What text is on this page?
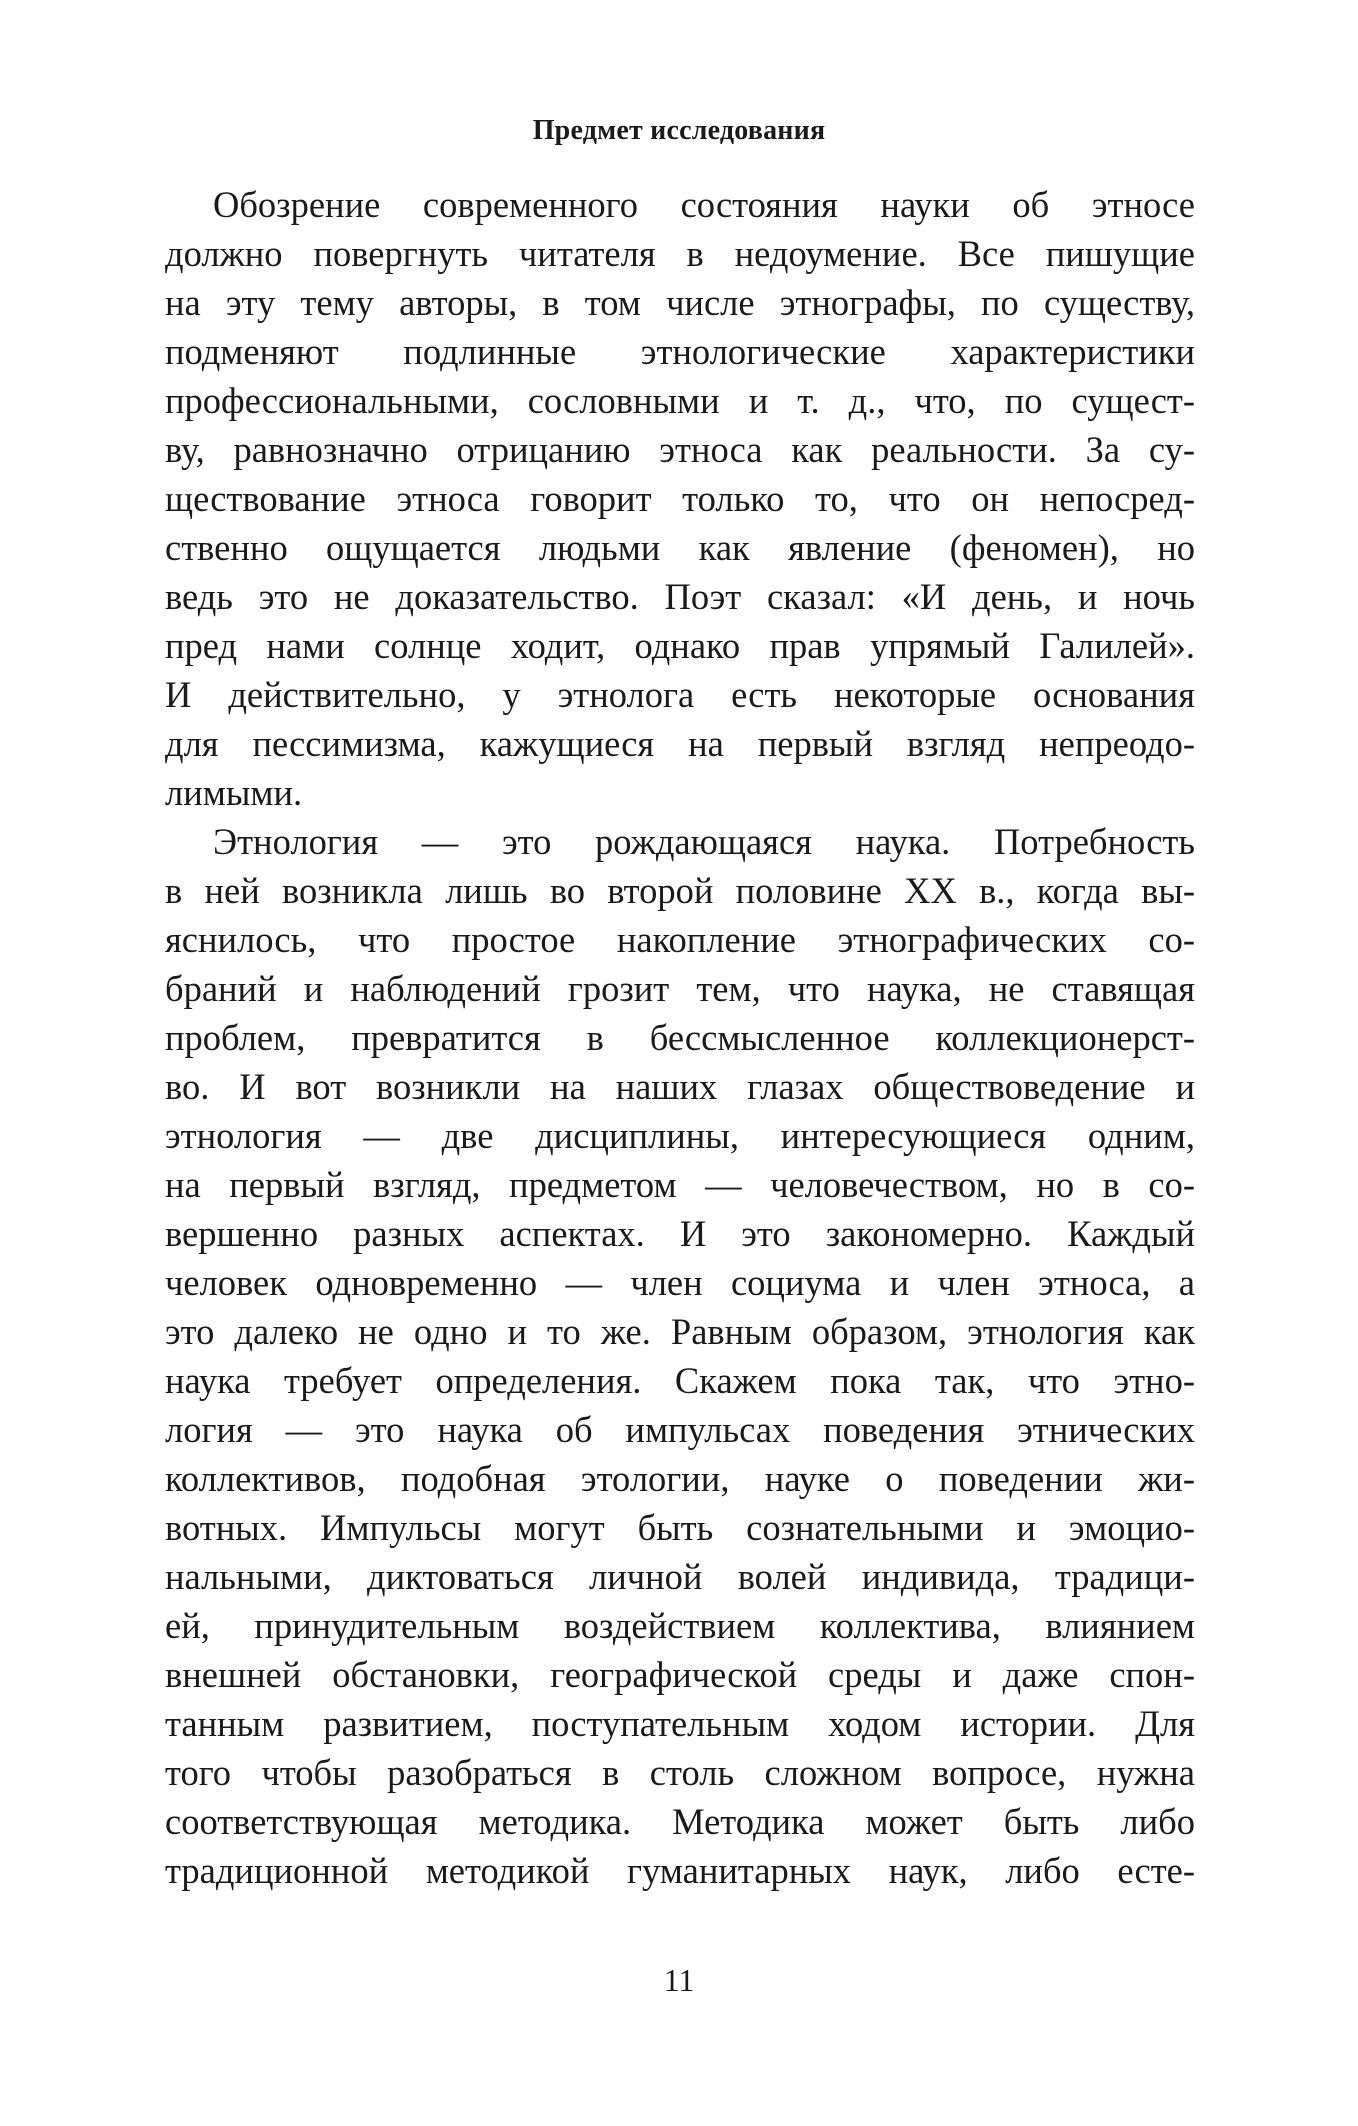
Предмет исследования
Обозрение современного состояния науки об этносе
должно повергнуть читателя в недоумение. Все пишущие
на эту тему авторы, в том числе этнографы, по существу,
подменяют подлинные этнологические характеристики
профессиональными, сословными и т. д., что, по сущест-
ву, равнозначно отрицанию этноса как реальности. За су-
ществование этноса говорит только то, что он непосред-
ственно ощущается людьми как явление (феномен), но
ведь это не доказательство. Поэт сказал: «И день, и ночь
пред нами солнце ходит, однако прав упрямый Галилей».
И действительно, у этнолога есть некоторые основания
для пессимизма, кажущиеся на первый взгляд непреодо-
лимыми.
Этнология — это рождающаяся наука. Потребность
в ней возникла лишь во второй половине XX в., когда вы-
яснилось, что простое накопление этнографических со-
браний и наблюдений грозит тем, что наука, не ставящая
проблем, превратится в бессмысленное коллекционерст-
во. И вот возникли на наших глазах обществоведение и
этнология — две дисциплины, интересующиеся одним,
на первый взгляд, предметом — человечеством, но в со-
вершенно разных аспектах. И это закономерно. Каждый
человек одновременно — член социума и член этноса, а
это далеко не одно и то же. Равным образом, этнология как
наука требует определения. Скажем пока так, что этно-
логия — это наука об импульсах поведения этнических
коллективов, подобная этологии, науке о поведении жи-
вотных. Импульсы могут быть сознательными и эмоцио-
нальными, диктоваться личной волей индивида, традици-
ей, принудительным воздействием коллектива, влиянием
внешней обстановки, географической среды и даже спон-
танным развитием, поступательным ходом истории. Для
того чтобы разобраться в столь сложном вопросе, нужна
соответствующая методика. Методика может быть либо
традиционной методикой гуманитарных наук, либо есте-
11
